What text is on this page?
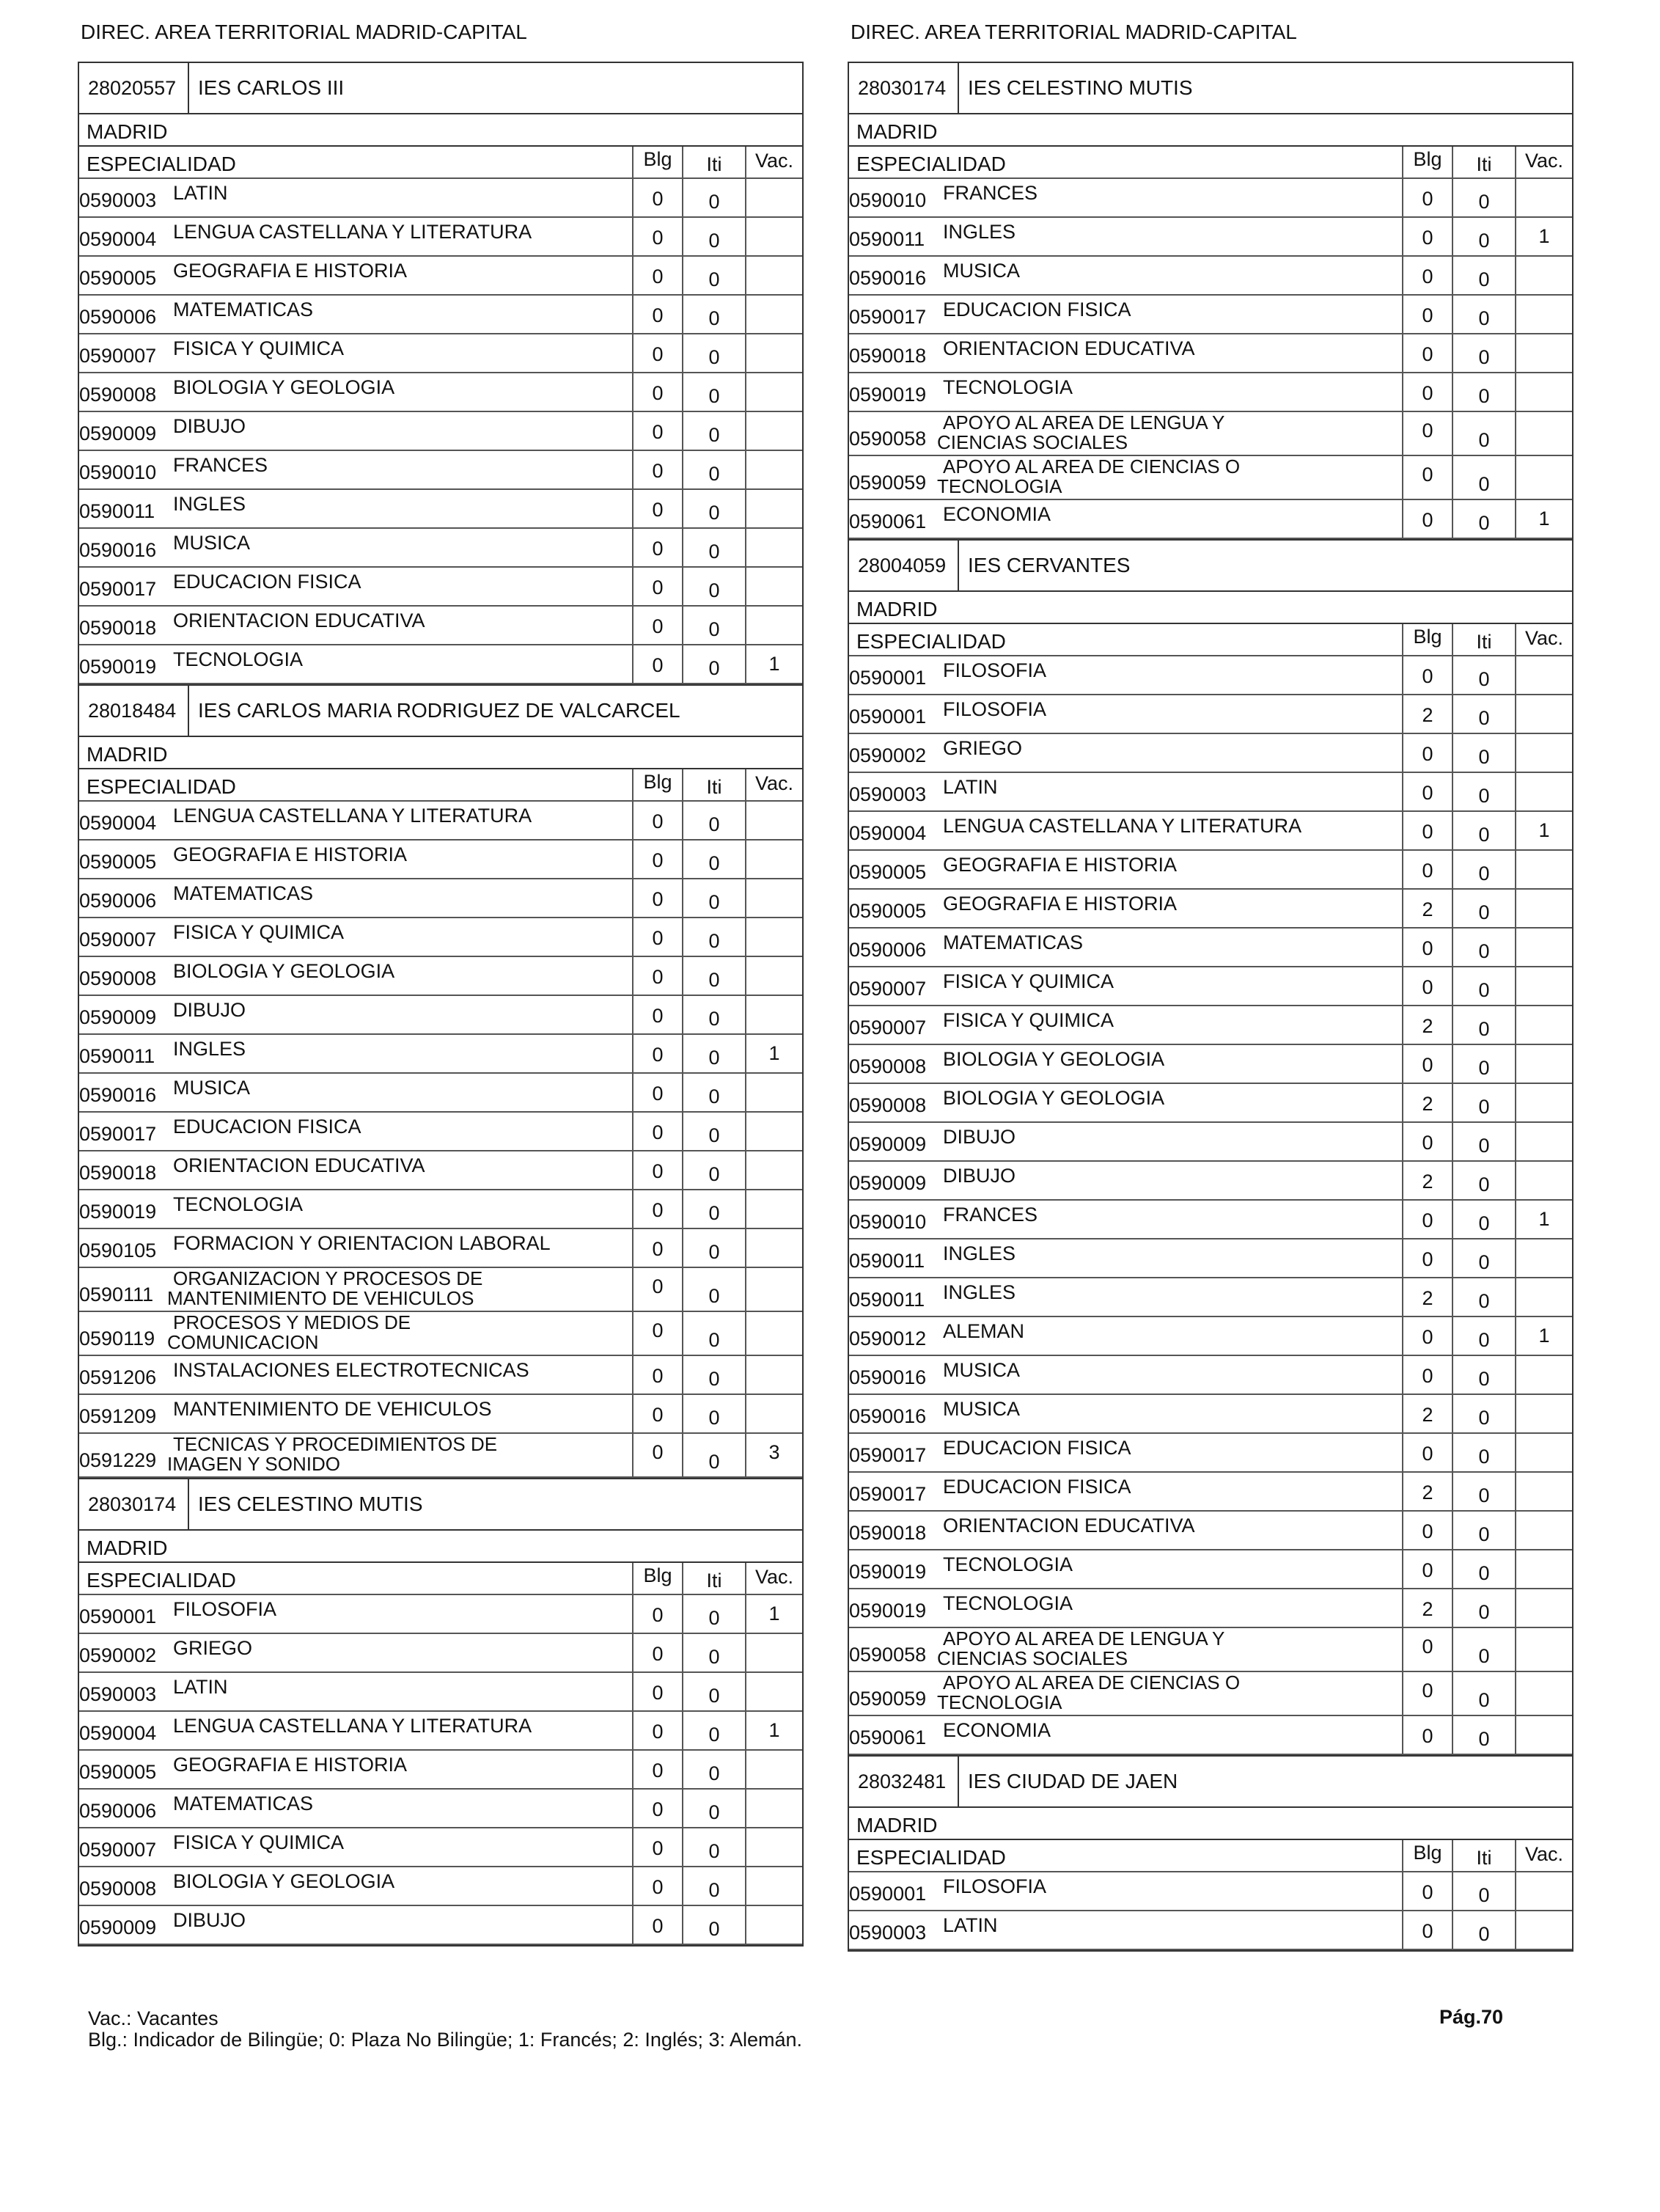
DIREC. AREA TERRITORIAL MADRID-CAPITAL
28020557	IES CARLOS III
MADRID
ESPECIALIDAD	Blg	Iti	Vac.
0590003 LATIN	0	0
0590004 LENGUA CASTELLANA Y LITERATURA	0	0
0590005 GEOGRAFIA E HISTORIA	0	0
0590006 MATEMATICAS	0	0
0590007 FISICA Y QUIMICA	0	0
0590008 BIOLOGIA Y GEOLOGIA	0	0
0590009 DIBUJO	0	0
0590010 FRANCES	0	0
0590011 INGLES	0	0
0590016 MUSICA	0	0
0590017 EDUCACION FISICA	0	0
0590018 ORIENTACION EDUCATIVA	0	0
0590019 TECNOLOGIA	0	0	1
28018484	IES CARLOS MARIA RODRIGUEZ DE VALCARCEL
MADRID
ESPECIALIDAD	Blg	Iti	Vac.
0590004 LENGUA CASTELLANA Y LITERATURA	0	0
0590005 GEOGRAFIA E HISTORIA	0	0
0590006 MATEMATICAS	0	0
0590007 FISICA Y QUIMICA	0	0
0590008 BIOLOGIA Y GEOLOGIA	0	0
0590009 DIBUJO	0	0
0590011 INGLES	0	0	1
0590016 MUSICA	0	0
0590017 EDUCACION FISICA	0	0
0590018 ORIENTACION EDUCATIVA	0	0
0590019 TECNOLOGIA	0	0
0590105 FORMACION Y ORIENTACION LABORAL	0	0
0590111
ORGANIZACION Y PROCESOS DE
MANTENIMIENTO DE VEHICULOS
0	0
0590119
PROCESOS Y MEDIOS DE
COMUNICACION
0	0
0591206 INSTALACIONES ELECTROTECNICAS	0	0
0591209 MANTENIMIENTO DE VEHICULOS	0	0
0591229
TECNICAS Y PROCEDIMIENTOS DE
IMAGEN Y SONIDO
0	0	3
28030174	IES CELESTINO MUTIS
MADRID
ESPECIALIDAD	Blg	Iti	Vac.
0590001 FILOSOFIA	0	0	1
0590002 GRIEGO	0	0
0590003 LATIN	0	0
0590004 LENGUA CASTELLANA Y LITERATURA	0	0	1
0590005 GEOGRAFIA E HISTORIA	0	0
0590006 MATEMATICAS	0	0
0590007 FISICA Y QUIMICA	0	0
0590008 BIOLOGIA Y GEOLOGIA	0	0
0590009 DIBUJO	0	0
DIREC. AREA TERRITORIAL MADRID-CAPITAL
28030174	IES CELESTINO MUTIS
MADRID
ESPECIALIDAD	Blg	Iti	Vac.
0590010 FRANCES	0	0
0590011 INGLES	0	0	1
0590016 MUSICA	0	0
0590017 EDUCACION FISICA	0	0
0590018 ORIENTACION EDUCATIVA	0	0
0590019 TECNOLOGIA	0	0
0590058
APOYO AL AREA DE LENGUA Y
CIENCIAS SOCIALES
0	0
0590059
APOYO AL AREA DE CIENCIAS O
TECNOLOGIA
0	0
0590061 ECONOMIA	0	0	1
28004059	IES CERVANTES
MADRID
ESPECIALIDAD	Blg	Iti	Vac.
0590001 FILOSOFIA	0	0
0590001 FILOSOFIA	2	0
0590002 GRIEGO	0	0
0590003 LATIN	0	0
0590004 LENGUA CASTELLANA Y LITERATURA	0	0	1
0590005 GEOGRAFIA E HISTORIA	0	0
0590005 GEOGRAFIA E HISTORIA	2	0
0590006 MATEMATICAS	0	0
0590007 FISICA Y QUIMICA	0	0
0590007 FISICA Y QUIMICA	2	0
0590008 BIOLOGIA Y GEOLOGIA	0	0
0590008 BIOLOGIA Y GEOLOGIA	2	0
0590009 DIBUJO	0	0
0590009 DIBUJO	2	0
0590010 FRANCES	0	0	1
0590011 INGLES	0	0
0590011 INGLES	2	0
0590012 ALEMAN	0	0	1
0590016 MUSICA	0	0
0590016 MUSICA	2	0
0590017 EDUCACION FISICA	0	0
0590017 EDUCACION FISICA	2	0
0590018 ORIENTACION EDUCATIVA	0	0
0590019 TECNOLOGIA	0	0
0590019 TECNOLOGIA	2	0
0590058
APOYO AL AREA DE LENGUA Y
CIENCIAS SOCIALES
0	0
0590059
APOYO AL AREA DE CIENCIAS O
TECNOLOGIA
0	0
0590061 ECONOMIA	0	0
28032481	IES CIUDAD DE JAEN
MADRID
ESPECIALIDAD	Blg	Iti	Vac.
0590001 FILOSOFIA	0	0
0590003 LATIN	0	0
Vac.: Vacantes
Blg.: Indicador de Bilingüe; 0: Plaza No Bilingüe; 1: Francés; 2: Inglés; 3: Alemán.
Pág.70
